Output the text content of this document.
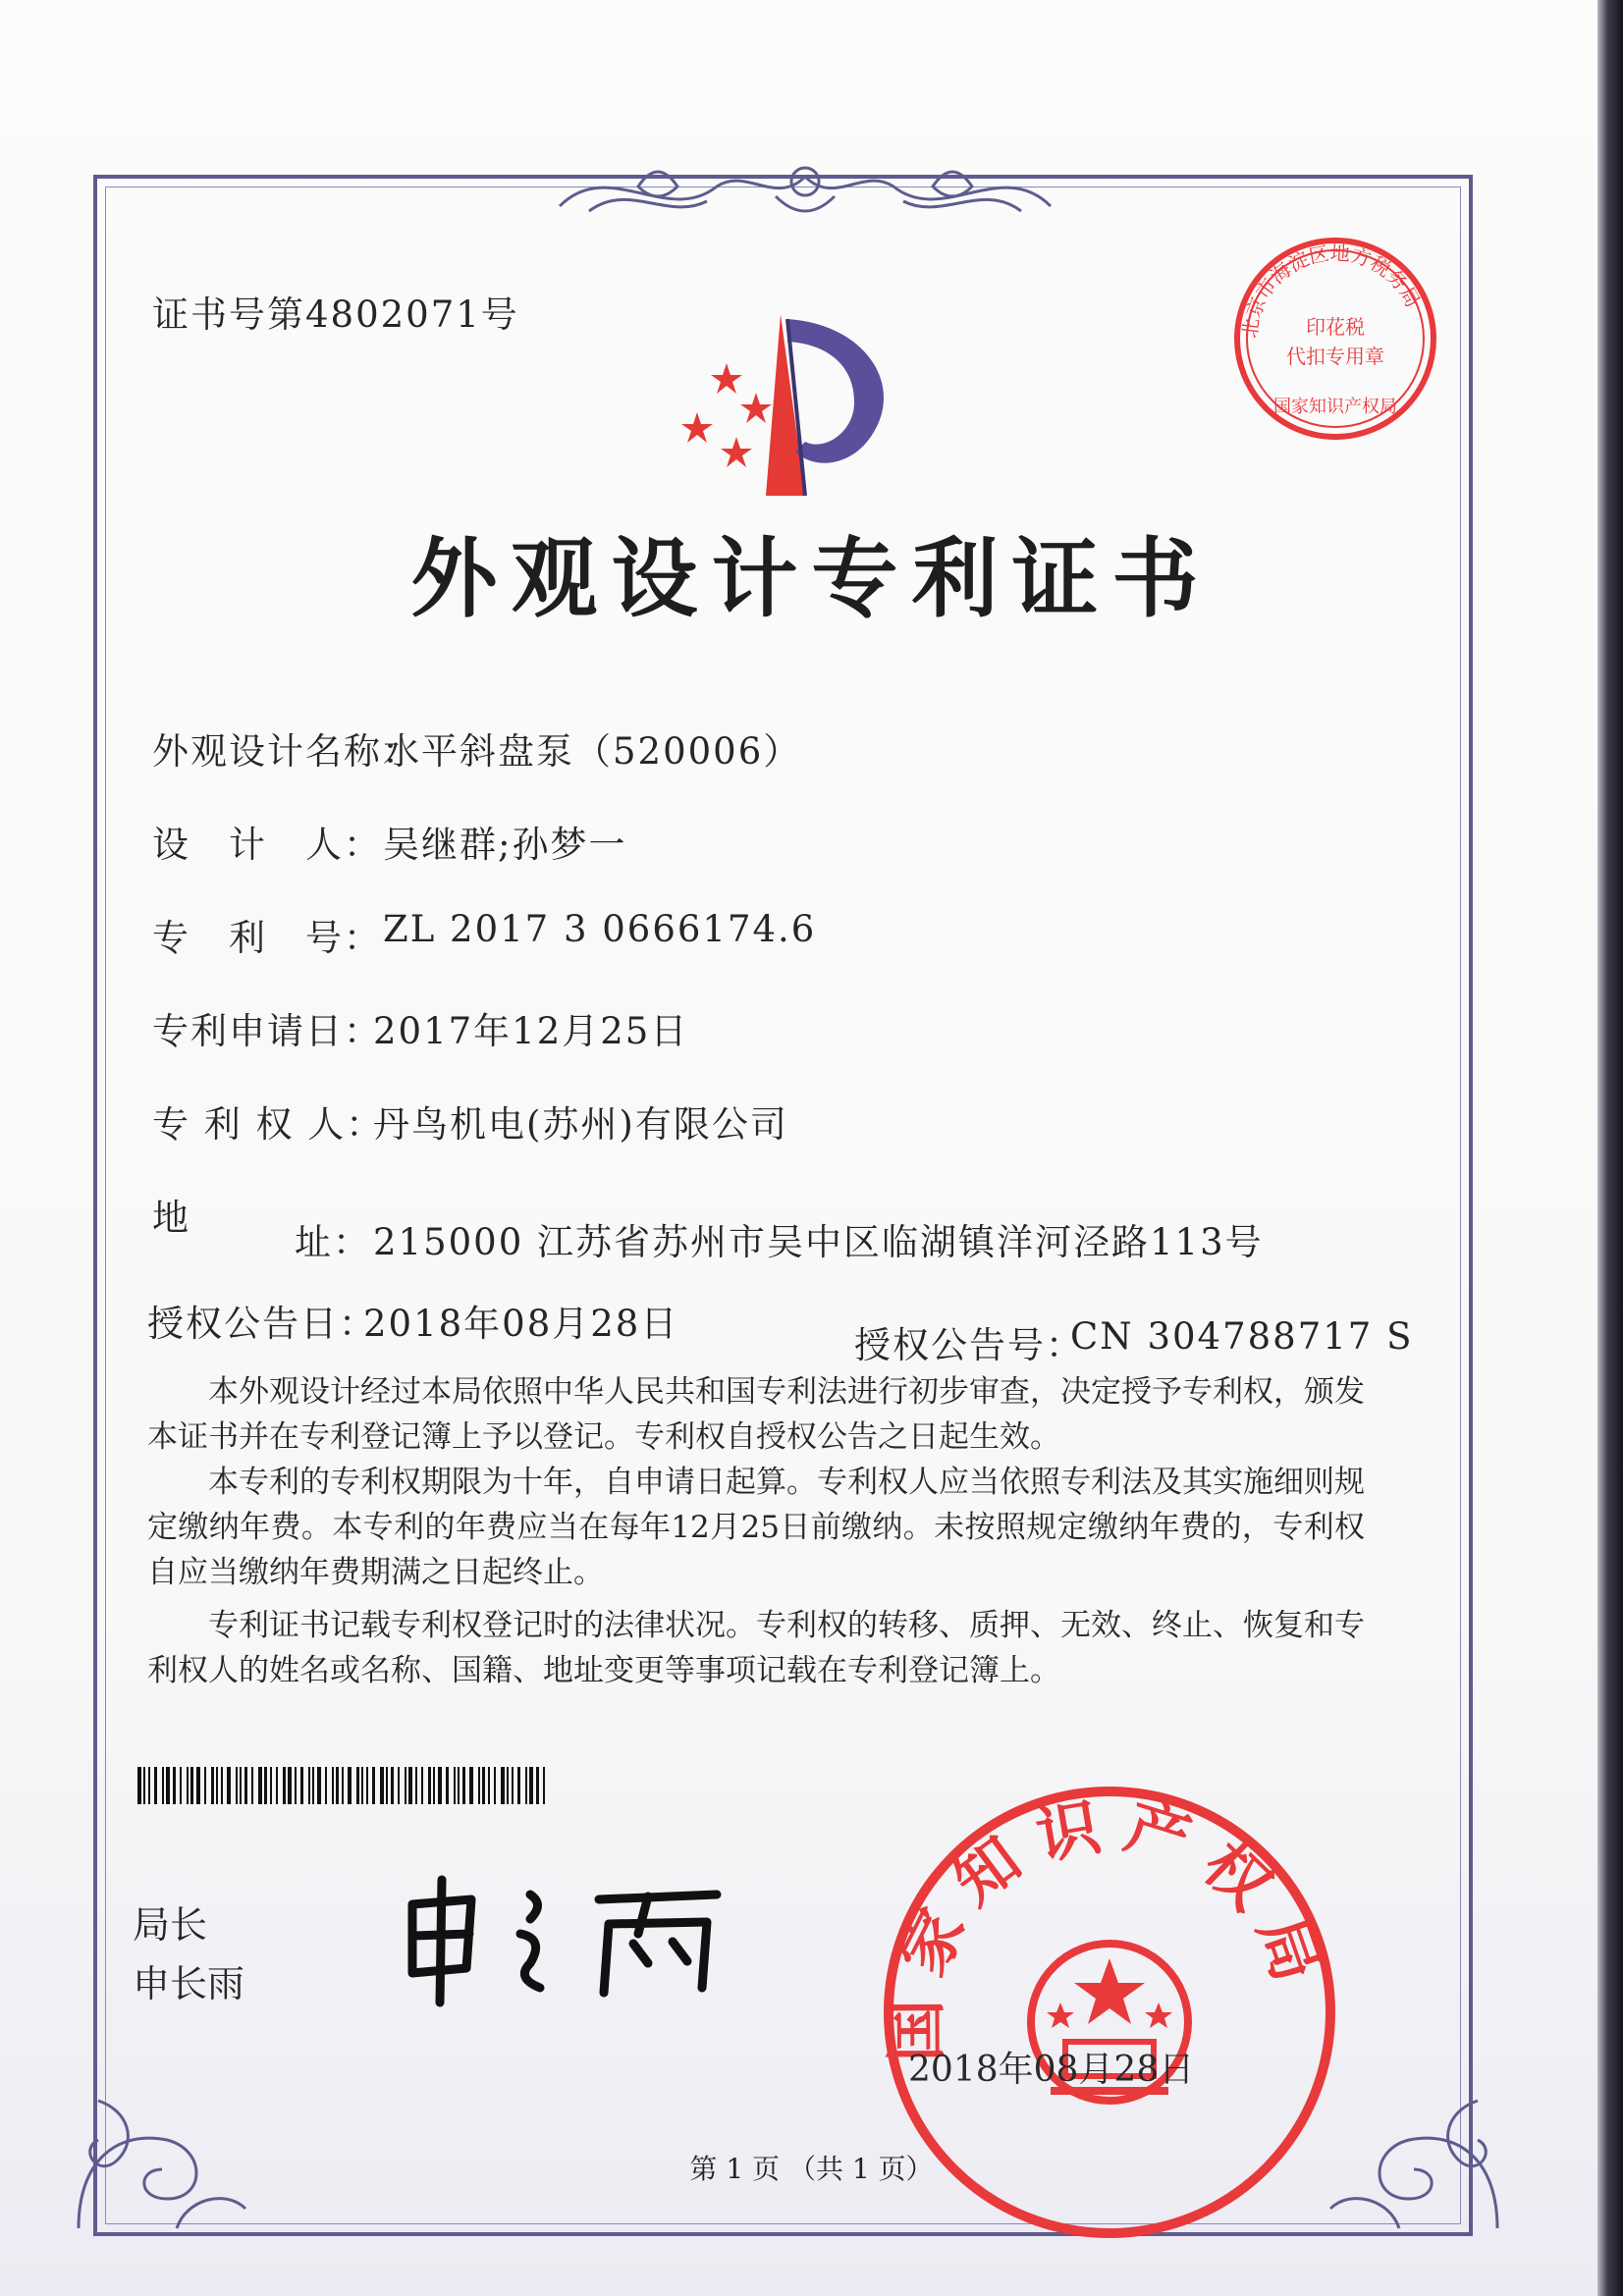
证书号第4802071号	北京市海淀区地方税务局
印花税
代扣专用章
国家知识产权局
外观设计专利证书
外观设计名称：
水平斜盘泵（520006）
设　计　人： 吴继群;孙梦一
专　利　号： ZL 2017 3 0666174.6
专利申请日：
2017年12月25日
专 利 权 人：
丹鸟机电(苏州)有限公司
地
址： 215000 江苏省苏州市吴中区临湖镇洋河泾路113号
授权公告日：
2018年08月28日
授权公告号：
CN 304788717 S

本外观设计经过本局依照中华人民共和国专利法进行初步审查，决定授予专利权，颁发本证书并在专利登记簿上予以登记。专利权自授权公告之日起生效。

本专利的专利权期限为十年，自申请日起算。专利权人应当依照专利法及其实施细则规定缴纳年费。本专利的年费应当在每年12月25日前缴纳。未按照规定缴纳年费的，专利权自应当缴纳年费期满之日起终止。

专利证书记载专利权登记时的法律状况。专利权的转移、质押、无效、终止、恢复和专利权人的姓名或名称、国籍、地址变更等事项记载在专利登记簿上。

局长
申长雨	国家知识产权局
2018年08月28日
第 1 页 （共 1 页）
